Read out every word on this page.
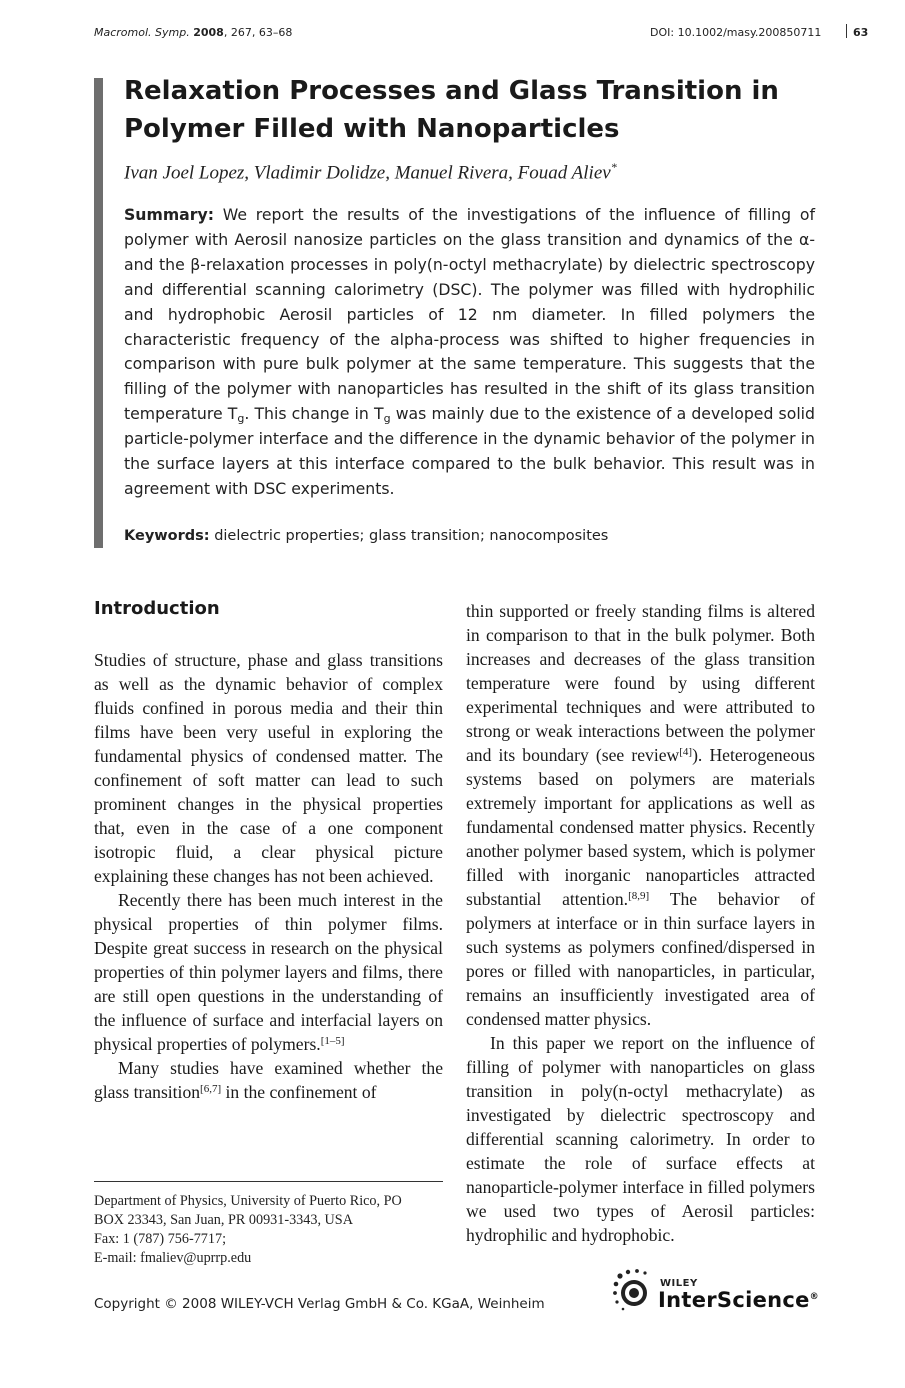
Macromol. Symp. 2008, 267, 63–68	DOI: 10.1002/masy.200850711	63
Relaxation Processes and Glass Transition in Polymer Filled with Nanoparticles
Ivan Joel Lopez, Vladimir Dolidze, Manuel Rivera, Fouad Aliev*
Summary: We report the results of the investigations of the influence of filling of polymer with Aerosil nanosize particles on the glass transition and dynamics of the α- and the β-relaxation processes in poly(n-octyl methacrylate) by dielectric spectroscopy and differential scanning calorimetry (DSC). The polymer was filled with hydrophilic and hydrophobic Aerosil particles of 12 nm diameter. In filled polymers the characteristic frequency of the alpha-process was shifted to higher frequencies in comparison with pure bulk polymer at the same temperature. This suggests that the filling of the polymer with nanoparticles has resulted in the shift of its glass transition temperature $T_g$. This change in $T_g$ was mainly due to the existence of a developed solid particle-polymer interface and the difference in the dynamic behavior of the polymer in the surface layers at this interface compared to the bulk behavior. This result was in agreement with DSC experiments.
Keywords: dielectric properties; glass transition; nanocomposites
Introduction

Studies of structure, phase and glass transitions as well as the dynamic behavior of complex fluids confined in porous media and their thin films have been very useful in exploring the fundamental physics of condensed matter. The confinement of soft matter can lead to such prominent changes in the physical properties that, even in the case of a one component isotropic fluid, a clear physical picture explaining these changes has not been achieved.

Recently there has been much interest in the physical properties of thin polymer films. Despite great success in research on the physical properties of thin polymer layers and films, there are still open questions in the understanding of the influence of surface and interfacial layers on physical properties of polymers.[1–5]

Many studies have examined whether the glass transition[6,7] in the confinement of

thin supported or freely standing films is altered in comparison to that in the bulk polymer. Both increases and decreases of the glass transition temperature were found by using different experimental techniques and were attributed to strong or weak interactions between the polymer and its boundary (see review[4]). Heterogeneous systems based on polymers are materials extremely important for applications as well as fundamental condensed matter physics. Recently another polymer based system, which is polymer filled with inorganic nanoparticles attracted substantial attention.[8,9] The behavior of polymers at interface or in thin surface layers in such systems as polymers confined/dispersed in pores or filled with nanoparticles, in particular, remains an insufficiently investigated area of condensed matter physics.

In this paper we report on the influence of filling of polymer with nanoparticles on glass transition in poly(n-octyl methacrylate) as investigated by dielectric spectroscopy and differential scanning calorimetry. In order to estimate the role of surface effects at nanoparticle-polymer interface in filled polymers we used two types of Aerosil particles: hydrophilic and hydrophobic.

Department of Physics, University of Puerto Rico, PO
BOX 23343, San Juan, PR 00931-3343, USA
Fax: 1 (787) 756-7717;
E-mail: fmaliev@uprrp.edu
Copyright © 2008 WILEY-VCH Verlag GmbH & Co. KGaA, Weinheim
WILEY
InterScience®
